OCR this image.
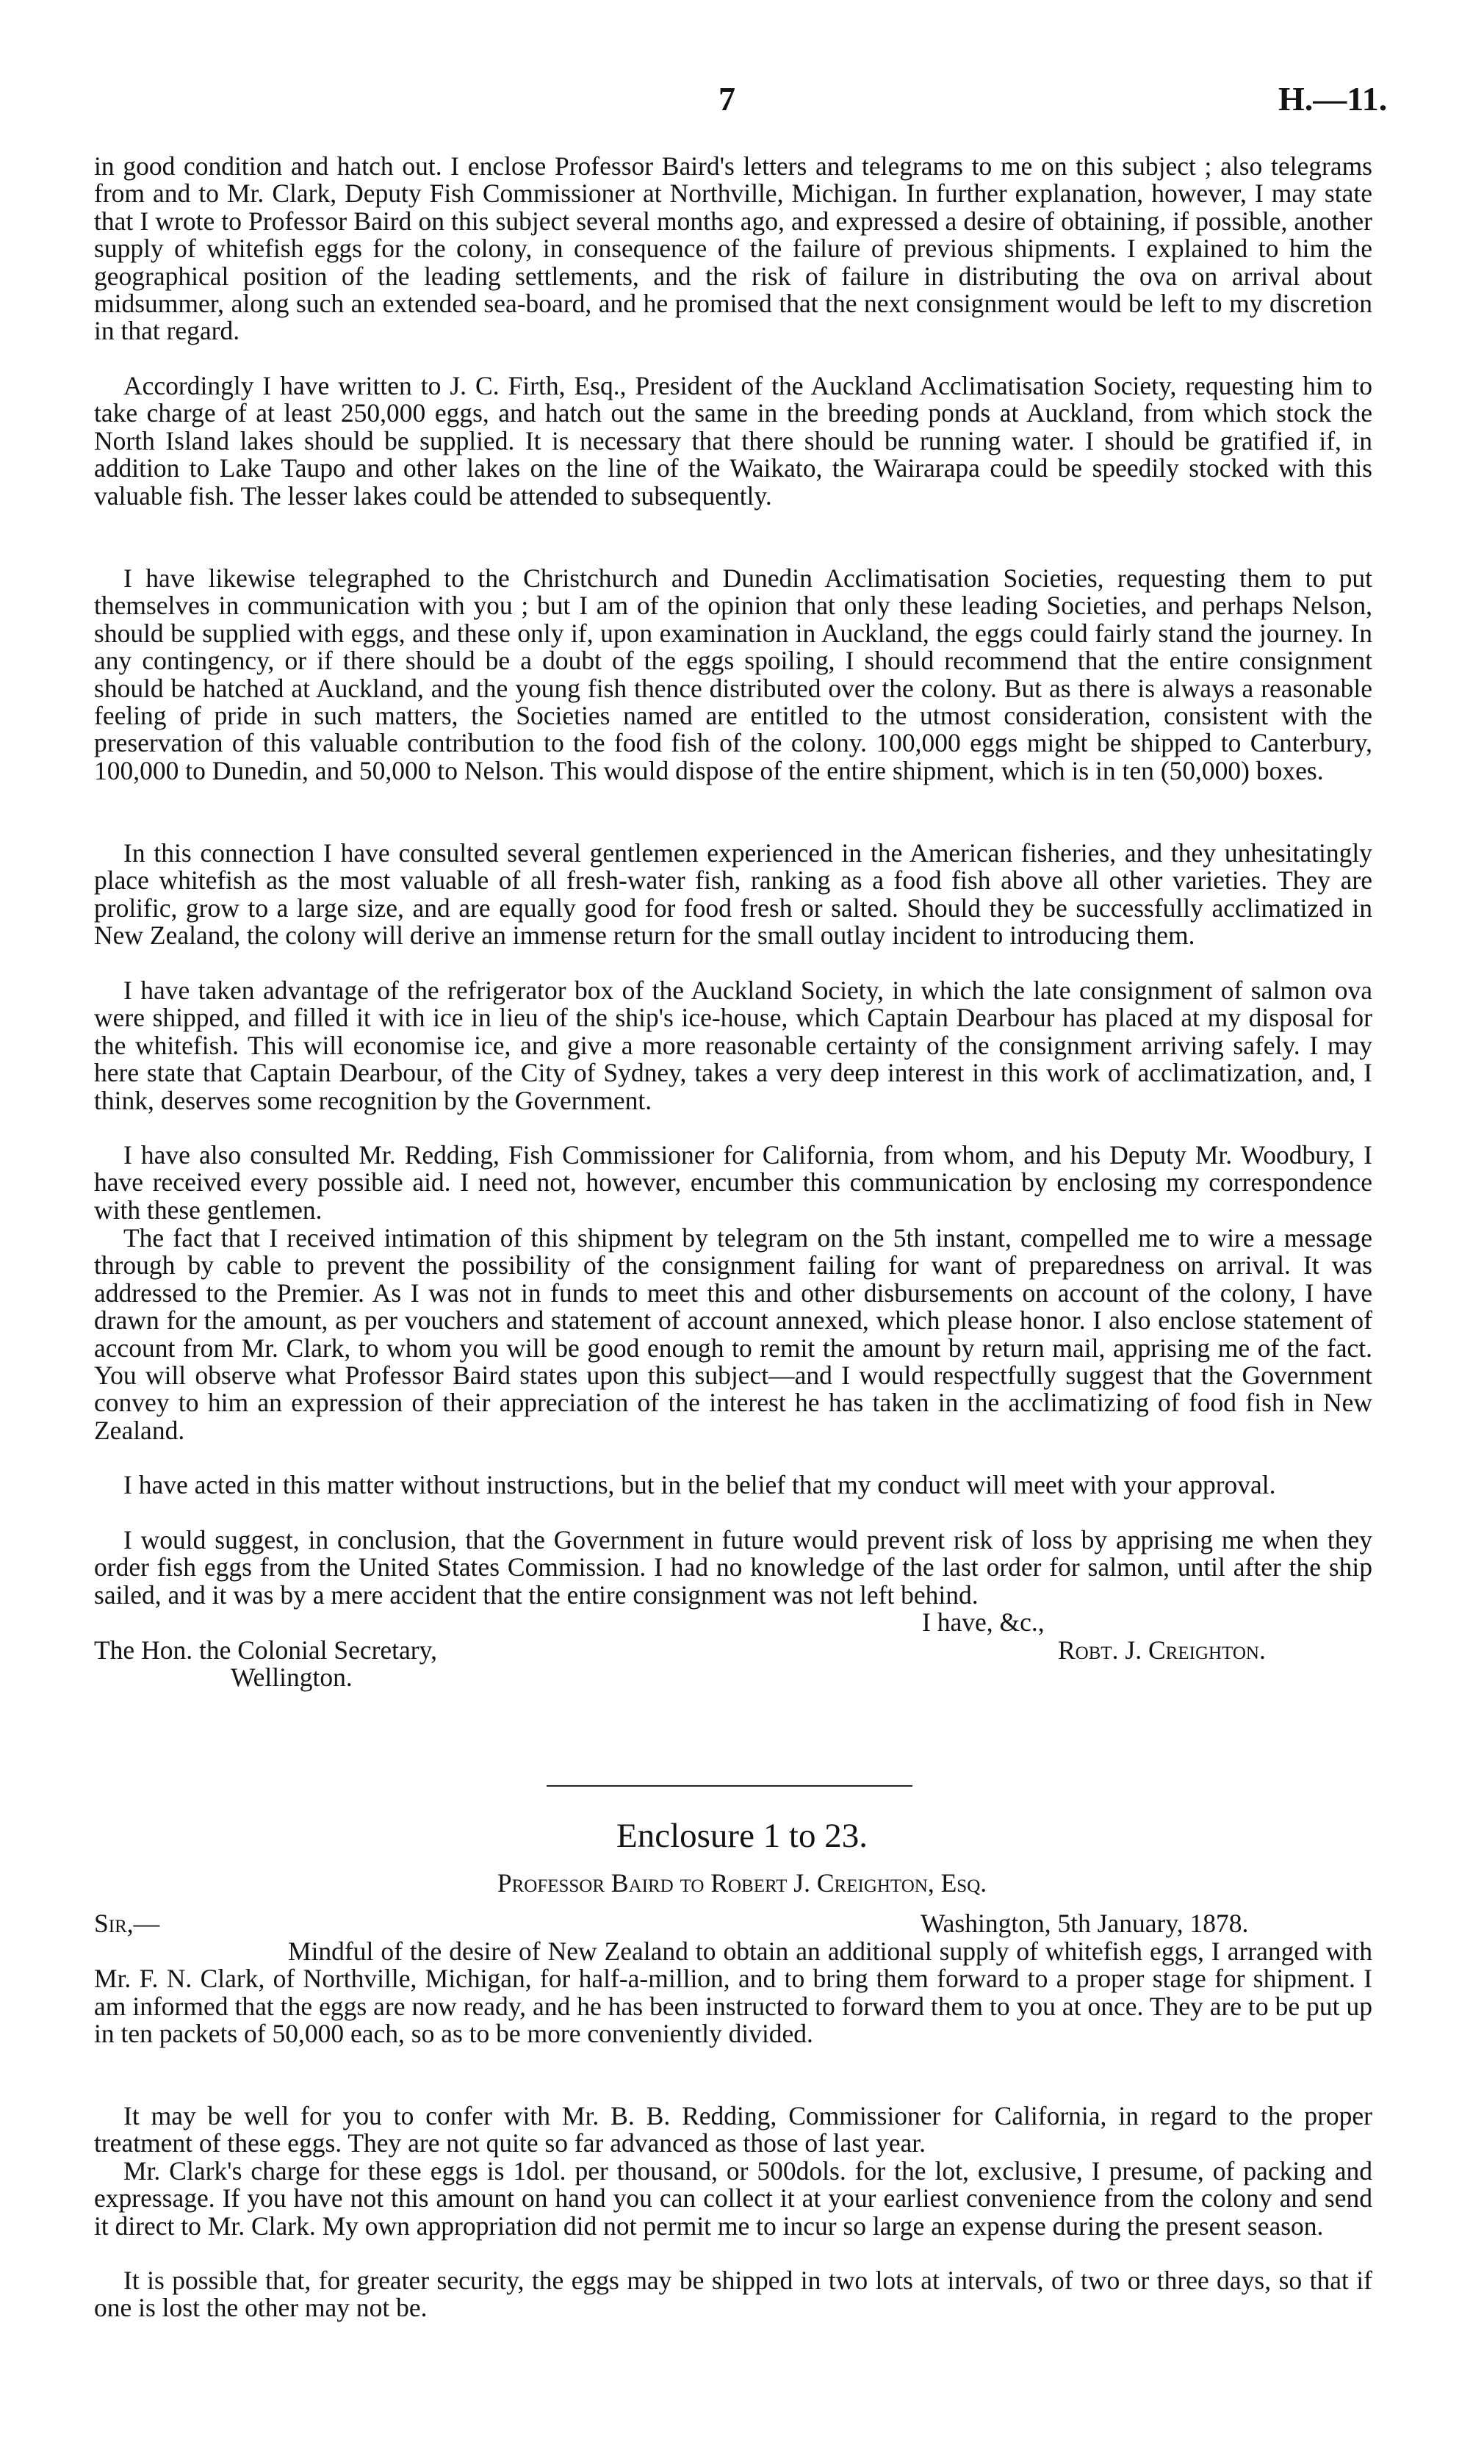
7	H.—11.

in good condition and hatch out. I enclose Professor Baird's letters and telegrams to me on this subject ; also telegrams from and to Mr. Clark, Deputy Fish Commissioner at Northville, Michigan. In further explanation, however, I may state that I wrote to Professor Baird on this subject several months ago, and expressed a desire of obtaining, if possible, another supply of whitefish eggs for the colony, in consequence of the failure of previous shipments. I explained to him the geographical position of the leading settlements, and the risk of failure in distributing the ova on arrival about midsummer, along such an extended sea-board, and he promised that the next consignment would be left to my discretion in that regard.

Accordingly I have written to J. C. Firth, Esq., President of the Auckland Acclimatisation Society, requesting him to take charge of at least 250,000 eggs, and hatch out the same in the breeding ponds at Auckland, from which stock the North Island lakes should be supplied. It is necessary that there should be running water. I should be gratified if, in addition to Lake Taupo and other lakes on the line of the Waikato, the Wairarapa could be speedily stocked with this valuable fish. The lesser lakes could be attended to subsequently.

I have likewise telegraphed to the Christchurch and Dunedin Acclimatisation Societies, requesting them to put themselves in communication with you ; but I am of the opinion that only these leading Societies, and perhaps Nelson, should be supplied with eggs, and these only if, upon examination in Auckland, the eggs could fairly stand the journey. In any contingency, or if there should be a doubt of the eggs spoiling, I should recommend that the entire consignment should be hatched at Auckland, and the young fish thence distributed over the colony. But as there is always a reasonable feeling of pride in such matters, the Societies named are entitled to the utmost consideration, consistent with the preservation of this valuable contribution to the food fish of the colony. 100,000 eggs might be shipped to Canterbury, 100,000 to Dunedin, and 50,000 to Nelson. This would dispose of the entire shipment, which is in ten (50,000) boxes.

In this connection I have consulted several gentlemen experienced in the American fisheries, and they unhesitatingly place whitefish as the most valuable of all fresh-water fish, ranking as a food fish above all other varieties. They are prolific, grow to a large size, and are equally good for food fresh or salted. Should they be successfully acclimatized in New Zealand, the colony will derive an immense return for the small outlay incident to introducing them.

I have taken advantage of the refrigerator box of the Auckland Society, in which the late consignment of salmon ova were shipped, and filled it with ice in lieu of the ship's ice-house, which Captain Dearbour has placed at my disposal for the whitefish. This will economise ice, and give a more reasonable certainty of the consignment arriving safely. I may here state that Captain Dearbour, of the City of Sydney, takes a very deep interest in this work of acclimatization, and, I think, deserves some recognition by the Government.

I have also consulted Mr. Redding, Fish Commissioner for California, from whom, and his Deputy Mr. Woodbury, I have received every possible aid. I need not, however, encumber this communication by enclosing my correspondence with these gentlemen.

The fact that I received intimation of this shipment by telegram on the 5th instant, compelled me to wire a message through by cable to prevent the possibility of the consignment failing for want of preparedness on arrival. It was addressed to the Premier. As I was not in funds to meet this and other disbursements on account of the colony, I have drawn for the amount, as per vouchers and statement of account annexed, which please honor. I also enclose statement of account from Mr. Clark, to whom you will be good enough to remit the amount by return mail, apprising me of the fact. You will observe what Professor Baird states upon this subject—and I would respectfully suggest that the Government convey to him an expression of their appreciation of the interest he has taken in the acclimatizing of food fish in New Zealand.

I have acted in this matter without instructions, but in the belief that my conduct will meet with your approval.

I would suggest, in conclusion, that the Government in future would prevent risk of loss by apprising me when they order fish eggs from the United States Commission. I had no knowledge of the last order for salmon, until after the ship sailed, and it was by a mere accident that the entire consignment was not left behind.

I have, &c.,

Robt. J. Creighton.

The Hon. the Colonial Secretary,

Wellington.

Enclosure 1 to 23.

Professor Baird to Robert J. Creighton, Esq.

Sir,—	Washington, 5th January, 1878.

Mindful of the desire of New Zealand to obtain an additional supply of whitefish eggs, I arranged with Mr. F. N. Clark, of Northville, Michigan, for half-a-million, and to bring them forward to a proper stage for shipment. I am informed that the eggs are now ready, and he has been instructed to forward them to you at once. They are to be put up in ten packets of 50,000 each, so as to be more conveniently divided.

It may be well for you to confer with Mr. B. B. Redding, Commissioner for California, in regard to the proper treatment of these eggs. They are not quite so far advanced as those of last year.

Mr. Clark's charge for these eggs is 1dol. per thousand, or 500dols. for the lot, exclusive, I presume, of packing and expressage. If you have not this amount on hand you can collect it at your earliest convenience from the colony and send it direct to Mr. Clark. My own appropriation did not permit me to incur so large an expense during the present season.

It is possible that, for greater security, the eggs may be shipped in two lots at intervals, of two or three days, so that if one is lost the other may not be.
